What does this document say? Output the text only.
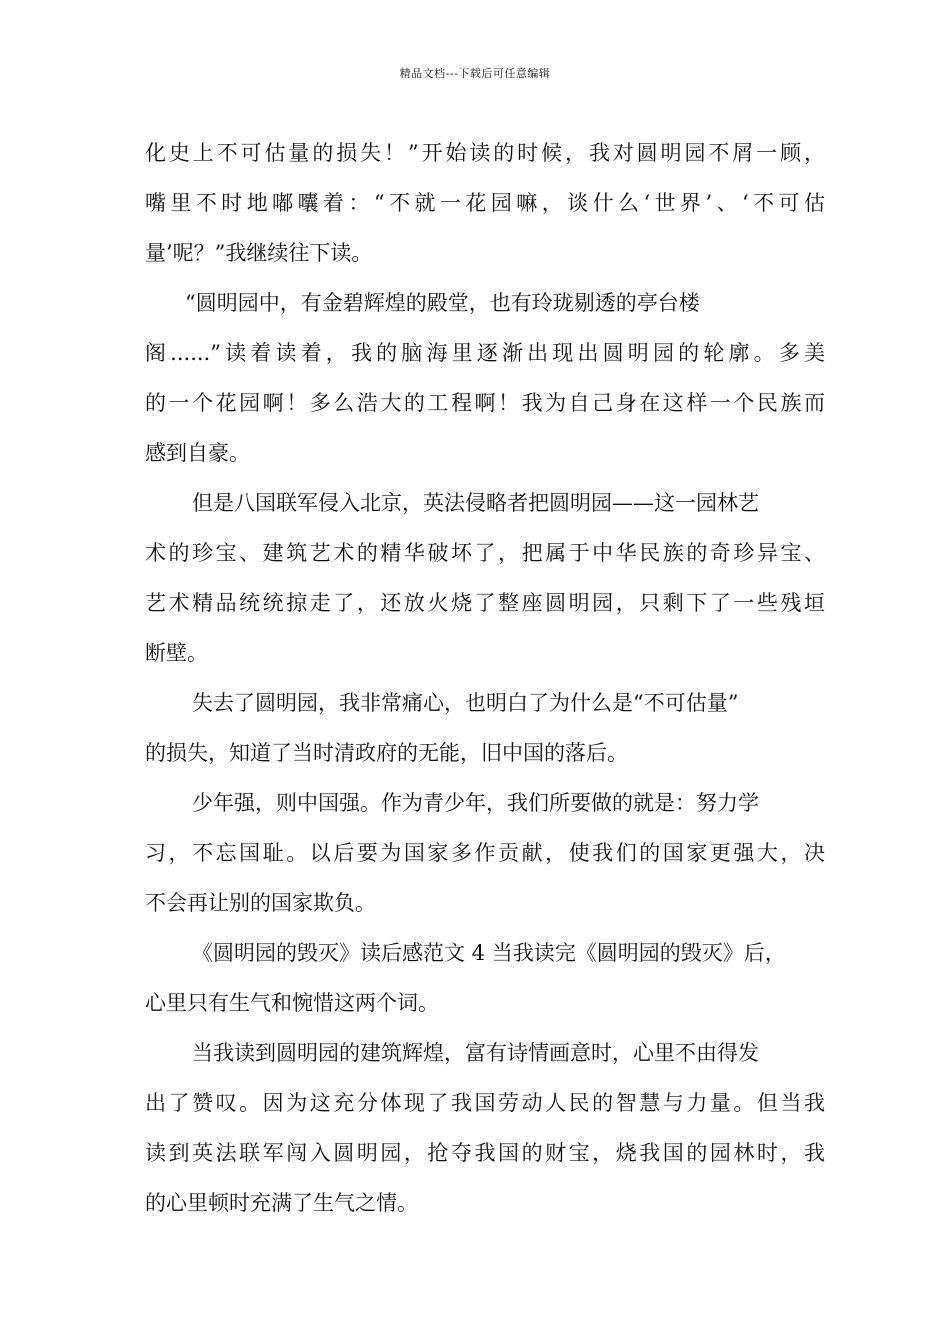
精品文档---下载后可任意编辑
化史上不可估量的损失！”开始读的时候，我对圆明园不屑一顾，
嘴里不时地嘟囔着：“不就一花园嘛，谈什么‘世界’、‘不可估
量’呢？”我继续往下读。
“圆明园中，有金碧辉煌的殿堂，也有玲珑剔透的亭台楼
阁......”读着读着，我的脑海里逐渐出现出圆明园的轮廓。多美
的一个花园啊！多么浩大的工程啊！我为自己身在这样一个民族而
感到自豪。
但是八国联军侵入北京，英法侵略者把圆明园——这一园林艺
术的珍宝、建筑艺术的精华破坏了，把属于中华民族的奇珍异宝、
艺术精品统统掠走了，还放火烧了整座圆明园，只剩下了一些残垣
断壁。
失去了圆明园，我非常痛心，也明白了为什么是“不可估量”
的损失，知道了当时清政府的无能，旧中国的落后。
少年强，则中国强。作为青少年，我们所要做的就是：努力学
习，不忘国耻。以后要为国家多作贡献，使我们的国家更强大，决
不会再让别的国家欺负。
《圆明园的毁灭》读后感范文 4 当我读完《圆明园的毁灭》后，
心里只有生气和惋惜这两个词。
当我读到圆明园的建筑辉煌，富有诗情画意时，心里不由得发
出了赞叹。因为这充分体现了我国劳动人民的智慧与力量。但当我
读到英法联军闯入圆明园，抢夺我国的财宝，烧我国的园林时，我
的心里顿时充满了生气之情。
